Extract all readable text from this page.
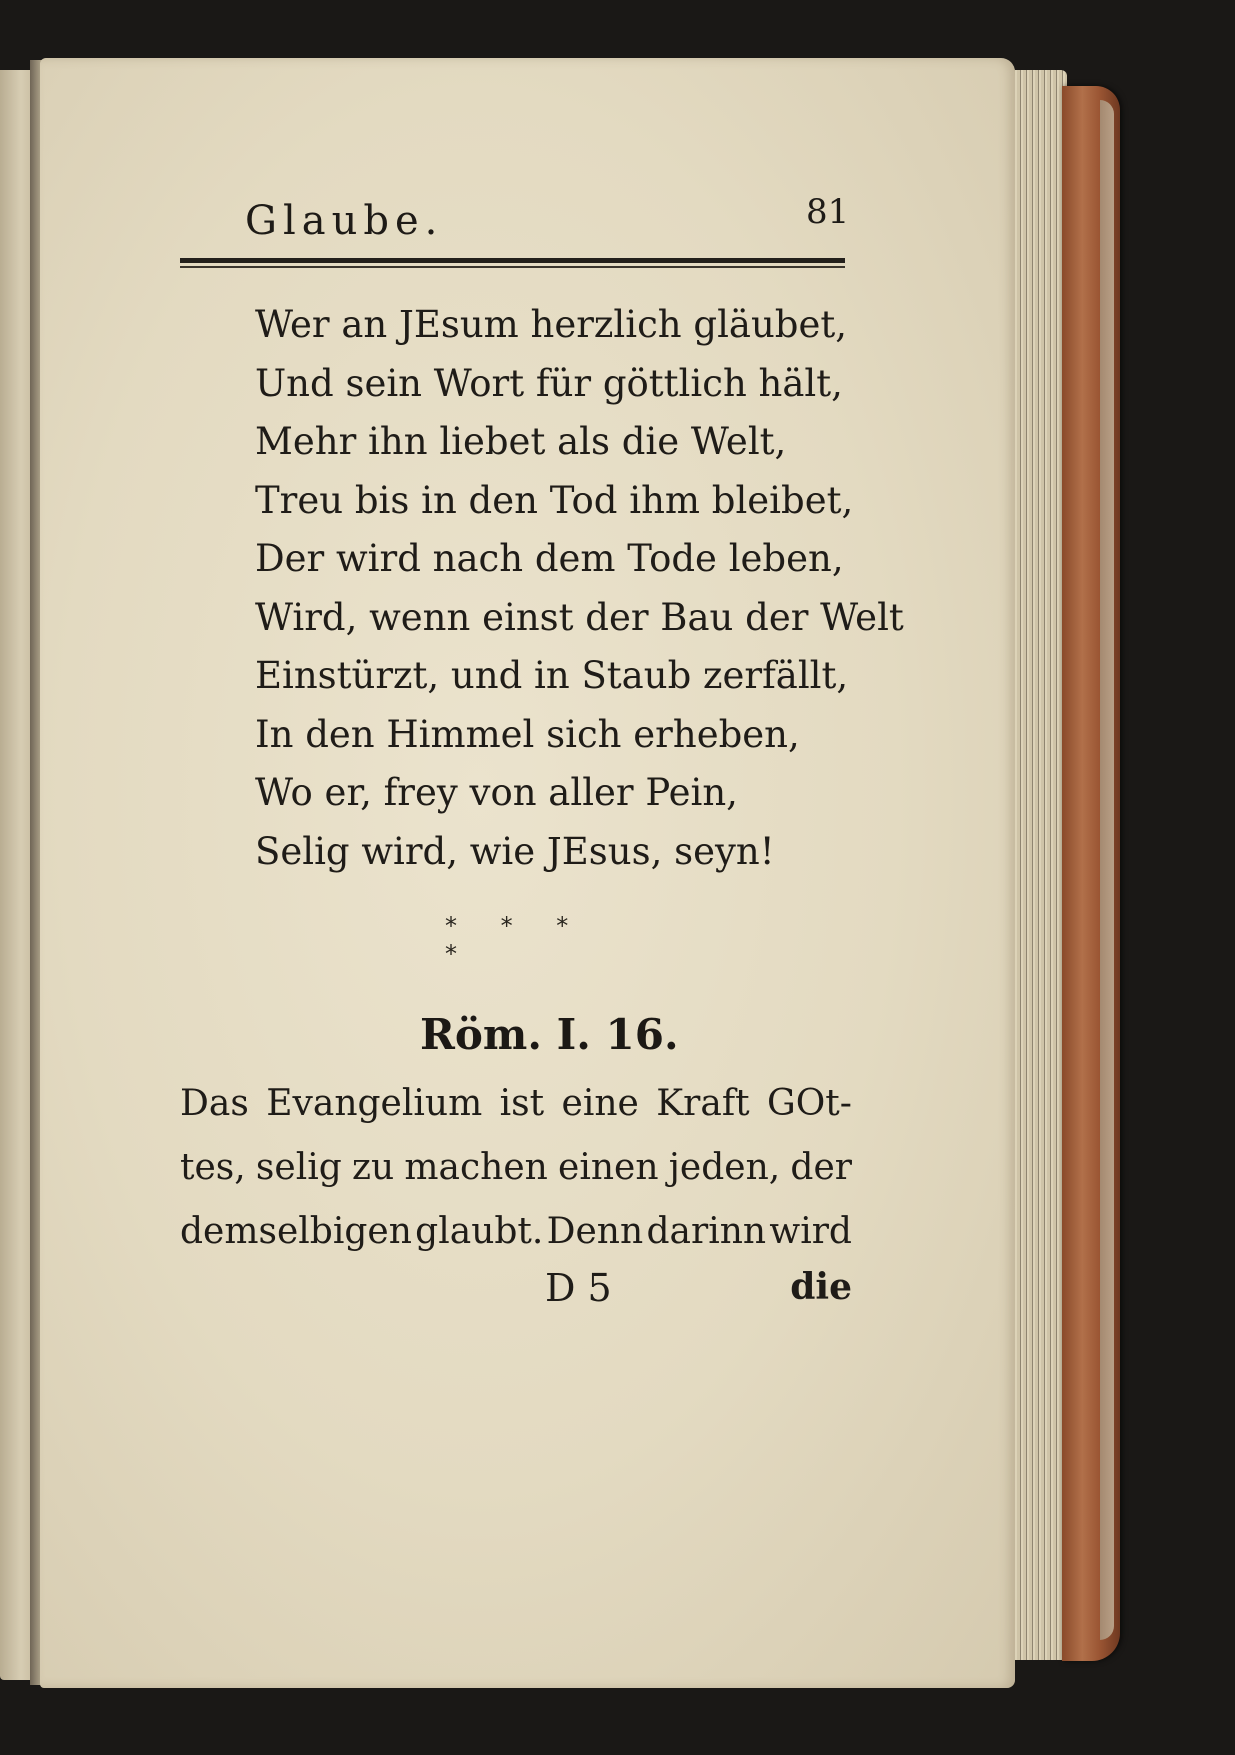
Glaube.	81
Wer an JEsum herzlich gläubet,
Und sein Wort für göttlich hält,
Mehr ihn liebet als die Welt,
Treu bis in den Tod ihm bleibet,
Der wird nach dem Tode leben,
Wird, wenn einst der Bau der Welt
Einstürzt, und in Staub zerfällt,
In den Himmel sich erheben,
Wo er, frey von aller Pein,
Selig wird, wie JEsus, seyn!
* * * *
Röm. I. 16.
Das Evangelium ist eine Kraft GOt-
tes, selig zu machen einen jeden, der
demselbigen glaubt. Denn darinn wird
D 5	die
